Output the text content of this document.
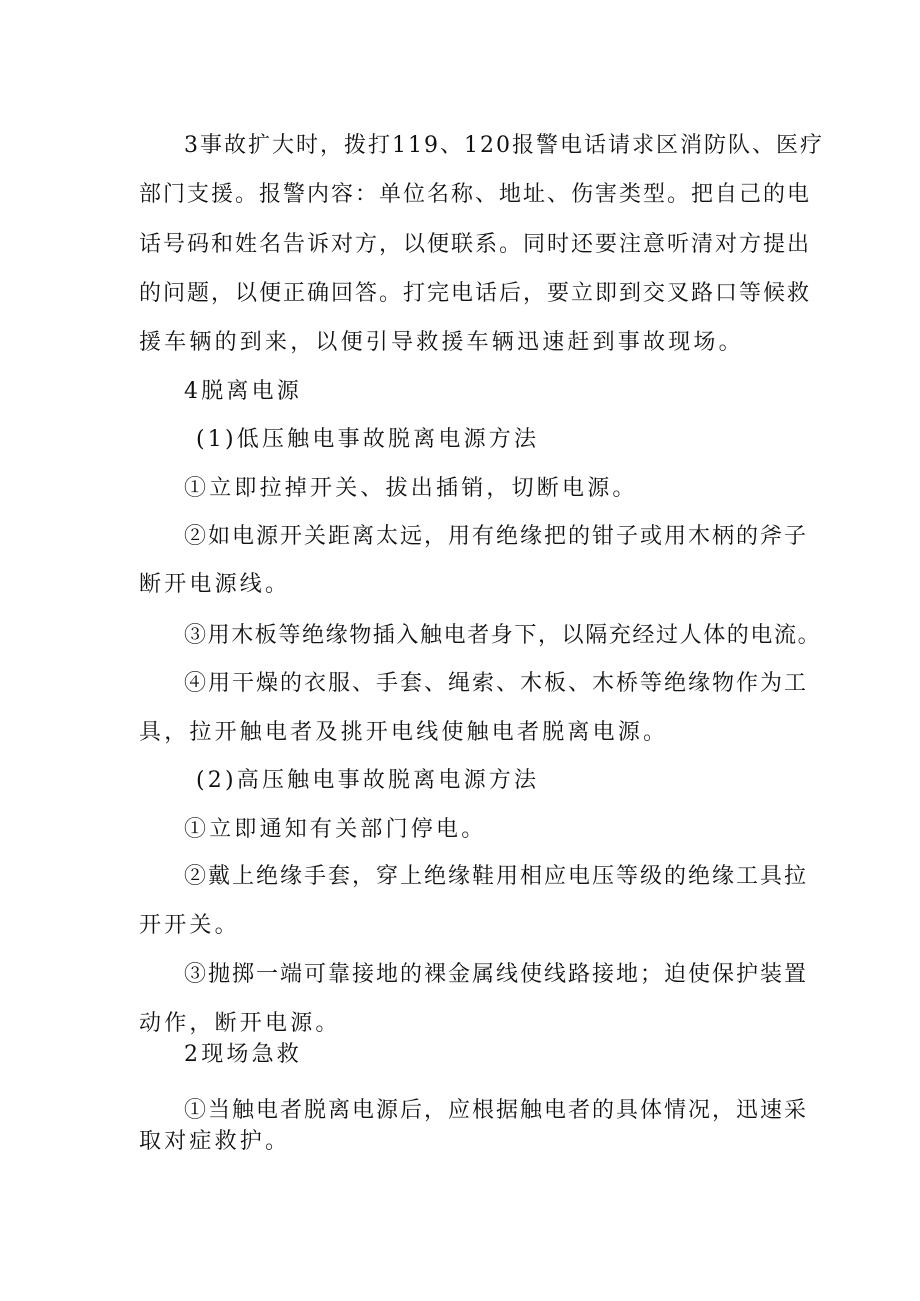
3事故扩大时，拨打119、120报警电话请求区消防队、医疗
部门支援。报警内容：单位名称、地址、伤害类型。把自己的电
话号码和姓名告诉对方，以便联系。同时还要注意听清对方提出
的问题，以便正确回答。打完电话后，要立即到交叉路口等候救
援车辆的到来，以便引导救援车辆迅速赶到事故现场。
4脱离电源
(1)低压触电事故脱离电源方法
①立即拉掉开关、拔出插销，切断电源。
②如电源开关距离太远，用有绝缘把的钳子或用木柄的斧子
断开电源线。
③用木板等绝缘物插入触电者身下，以隔充经过人体的电流。
④用干燥的衣服、手套、绳索、木板、木桥等绝缘物作为工
具，拉开触电者及挑开电线使触电者脱离电源。
(2)高压触电事故脱离电源方法
①立即通知有关部门停电。
②戴上绝缘手套，穿上绝缘鞋用相应电压等级的绝缘工具拉
开开关。
③抛掷一端可靠接地的裸金属线使线路接地；迫使保护装置
动作，断开电源。
2现场急救
①当触电者脱离电源后，应根据触电者的具体情况，迅速采
取对症救护。
